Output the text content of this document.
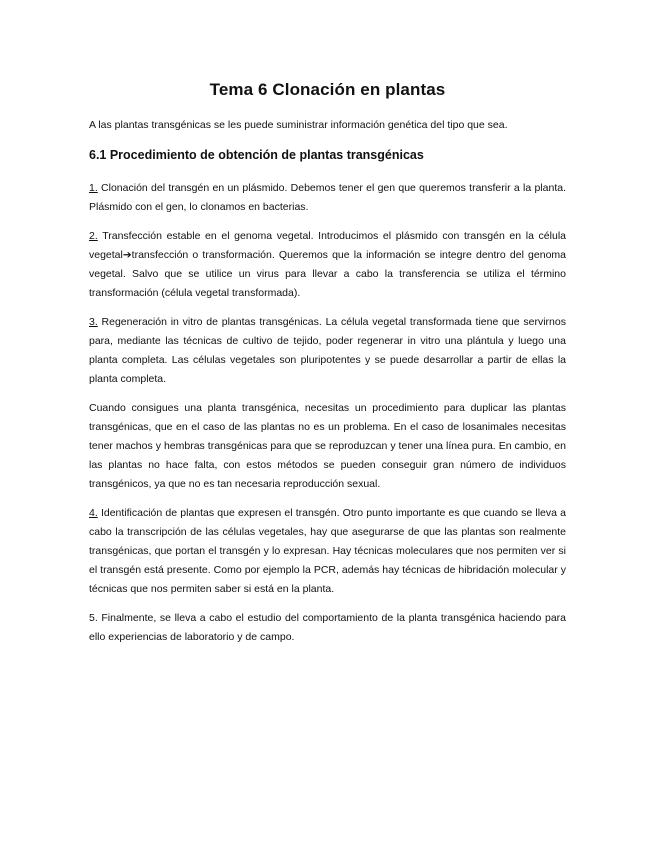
Tema 6 Clonación en plantas

A las plantas transgénicas se les puede suministrar información genética del tipo que sea.

6.1 Procedimiento de obtención de plantas transgénicas

1. Clonación del transgén en un plásmido. Debemos tener el gen que queremos transferir a la planta. Plásmido con el gen, lo clonamos en bacterias.

2. Transfección estable en el genoma vegetal. Introducimos el plásmido con transgén en la célula vegetal➔transfección o transformación. Queremos que la información se integre dentro del genoma vegetal. Salvo que se utilice un virus para llevar a cabo la transferencia se utiliza el término transformación (célula vegetal transformada).

3. Regeneración in vitro de plantas transgénicas. La célula vegetal transformada tiene que servirnos para, mediante las técnicas de cultivo de tejido, poder regenerar in vitro una plántula y luego una planta completa. Las células vegetales son pluripotentes y se puede desarrollar a partir de ellas la planta completa.

Cuando consigues una planta transgénica, necesitas un procedimiento para duplicar las plantas transgénicas, que en el caso de las plantas no es un problema. En el caso de losanimales necesitas tener machos y hembras transgénicas para que se reproduzcan y tener una línea pura. En cambio, en las plantas no hace falta, con estos métodos se pueden conseguir gran número de individuos transgénicos, ya que no es tan necesaria reproducción sexual.

4. Identificación de plantas que expresen el transgén. Otro punto importante es que cuando se lleva a cabo la transcripción de las células vegetales, hay que asegurarse de que las plantas son realmente transgénicas, que portan el transgén y lo expresan. Hay técnicas moleculares que nos permiten ver si el transgén está presente. Como por ejemplo la PCR, además hay técnicas de hibridación molecular y técnicas que nos permiten saber si está en la planta.

5. Finalmente, se lleva a cabo el estudio del comportamiento de la planta transgénica haciendo para ello experiencias de laboratorio y de campo.
